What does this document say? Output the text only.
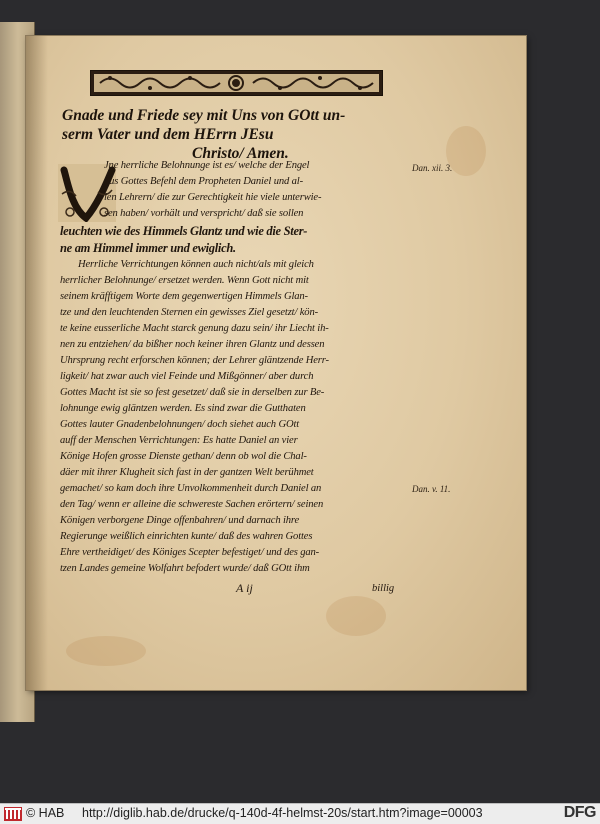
Gnade und Friede sey mit Uns von GOtt un-
serm Vater und dem HErrn JEsu
Christo/ Amen.
Jne herrliche Belohnunge ist es/ welche der Engel
aus Gottes Befehl dem Propheten Daniel und al-
len Lehrern/ die zur Gerechtigkeit hie viele unterwie-
sen haben/ vorhält und verspricht/ daß sie sollen
leuchten wie des Himmels Glantz und wie die Ster-
ne am Himmel immer und ewiglich.
Herrliche Verrichtungen können auch nicht/als mit gleich
herrlicher Belohnunge/ ersetzet werden. Wenn Gott nicht mit
seinem kräfftigem Worte dem gegenwertigen Himmels Glan-
tze und den leuchtenden Sternen ein gewisses Ziel gesetzt/ kön-
te keine eusserliche Macht starck genung dazu sein/ ihr Liecht ih-
nen zu entziehen/ da bißher noch keiner ihren Glantz und dessen
Uhrsprung recht erforschen können; der Lehrer gläntzende Herr-
ligkeit/ hat zwar auch viel Feinde und Mißgönner/ aber durch
Gottes Macht ist sie so fest gesetzet/ daß sie in derselben zur Be-
lohnunge ewig gläntzen werden. Es sind zwar die Gutthaten
Gottes lauter Gnadenbelohnungen/ doch siehet auch GOtt
auff der Menschen Verrichtungen: Es hatte Daniel an vier
Könige Hofen grosse Dienste gethan/ denn ob wol die Chal-
däer mit ihrer Klugheit sich fast in der gantzen Welt berühmet
gemachet/ so kam doch ihre Unvolkommenheit durch Daniel an
den Tag/ wenn er alleine die schwereste Sachen erörtern/ seinen
Königen verborgene Dinge offenbahren/ und darnach ihre
Regierunge weißlich einrichten kunte/ daß des wahren Gottes
Ehre vertheidiget/ des Königes Scepter befestiget/ und des gan-
tzen Landes gemeine Wolfahrt befodert wurde/ daß GOtt ihm
Dan. xii. 3.
Dan. v. 11.
A ij	billig
© HAB http://diglib.hab.de/drucke/q-140d-4f-helmst-20s/start.htm?image=00003	DFG
